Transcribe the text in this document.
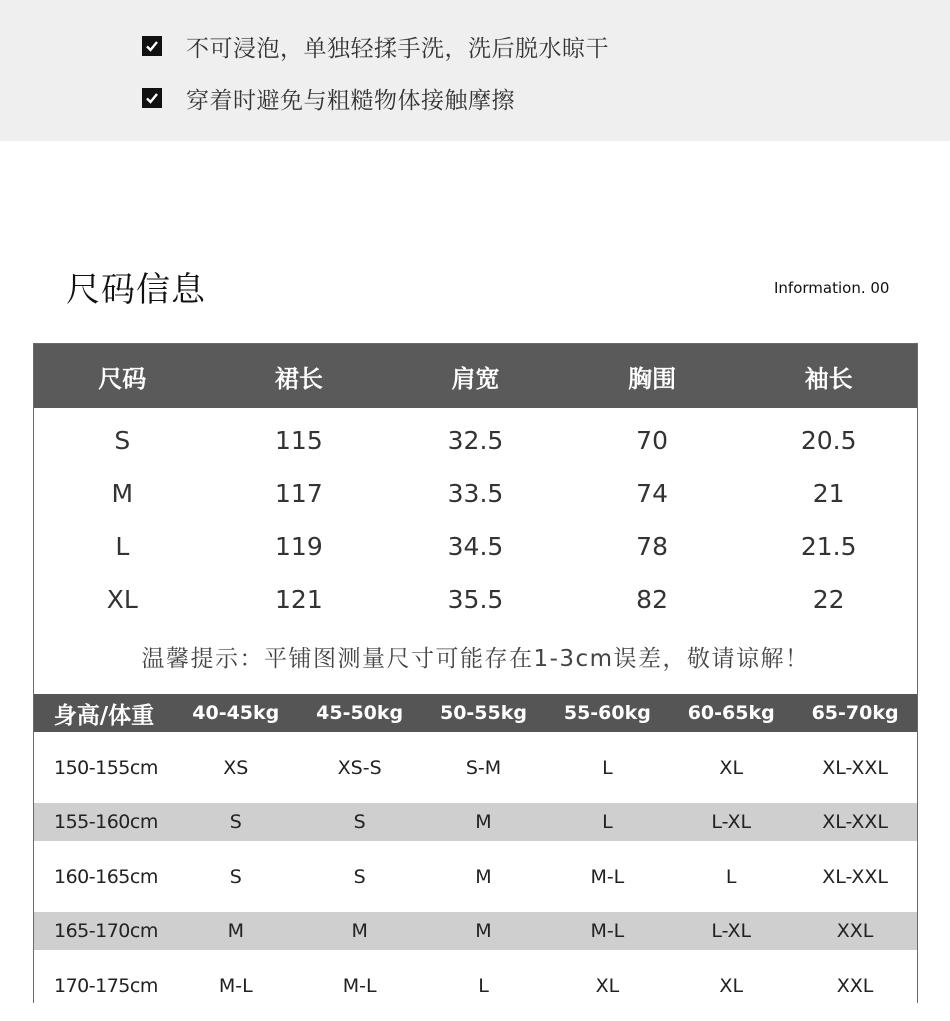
不可浸泡，单独轻揉手洗，洗后脱水晾干
穿着时避免与粗糙物体接触摩擦
尺码信息	Information. 00
尺码	裙长	肩宽	胸围	袖长
S	115	32.5	70	20.5
M	117	33.5	74	21
L	119	34.5	78	21.5
XL	121	35.5	82	22
温馨提示：平铺图测量尺寸可能存在1-3cm误差，敬请谅解！
身高/体重	40-45kg	45-50kg	50-55kg	55-60kg	60-65kg	65-70kg
150-155cm	XS	XS-S	S-M	L	XL	XL-XXL
155-160cm	S	S	M	L	L-XL	XL-XXL
160-165cm	S	S	M	M-L	L	XL-XXL
165-170cm	M	M	M	M-L	L-XL	XXL
170-175cm	M-L	M-L	L	XL	XL	XXL
